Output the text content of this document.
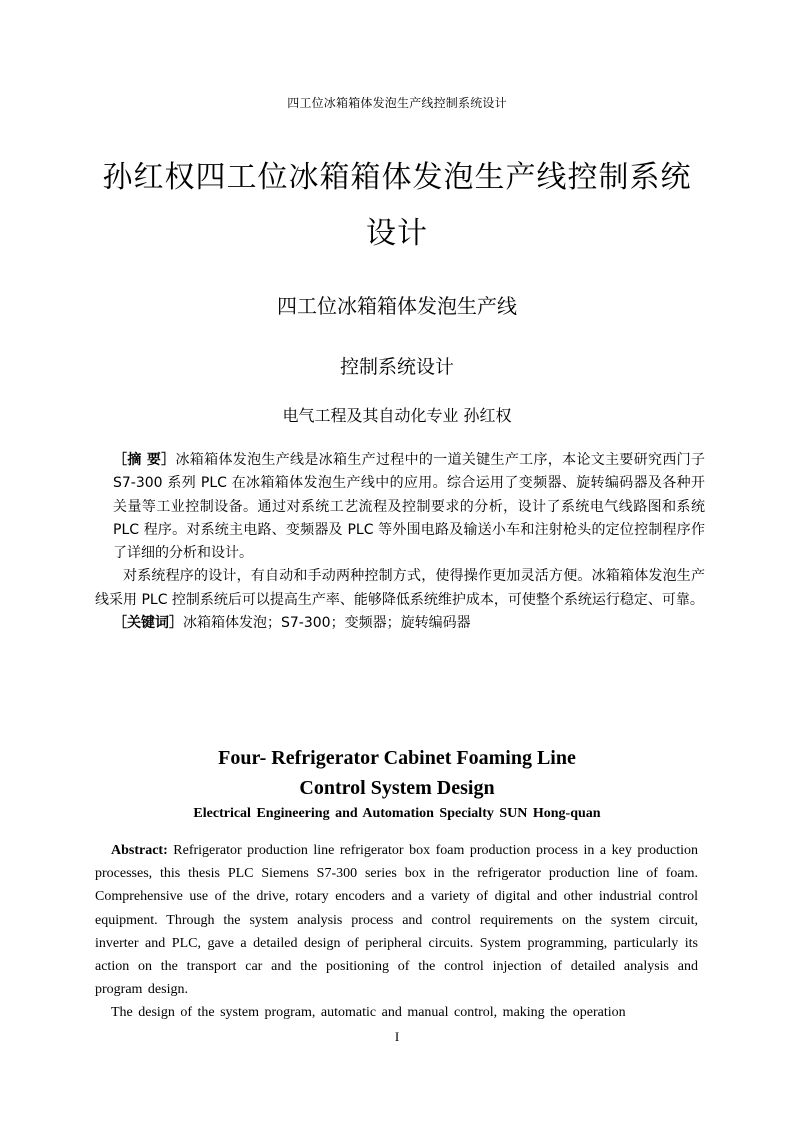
四工位冰箱箱体发泡生产线控制系统设计
孙红权四工位冰箱箱体发泡生产线控制系统设计
四工位冰箱箱体发泡生产线
控制系统设计
电气工程及其自动化专业 孙红权

［摘 要］冰箱箱体发泡生产线是冰箱生产过程中的一道关键生产工序，本论文主要研究西门子 S7-300 系列 PLC 在冰箱箱体发泡生产线中的应用。综合运用了变频器、旋转编码器及各种开关量等工业控制设备。通过对系统工艺流程及控制要求的分析，设计了系统电气线路图和系统 PLC 程序。对系统主电路、变频器及 PLC 等外围电路及输送小车和注射枪头的定位控制程序作了详细的分析和设计。

对系统程序的设计，有自动和手动两种控制方式，使得操作更加灵活方便。冰箱箱体发泡生产线采用 PLC 控制系统后可以提高生产率、能够降低系统维护成本，可使整个系统运行稳定、可靠。

［关键词］冰箱箱体发泡；S7-300；变频器；旋转编码器

Four- Refrigerator Cabinet Foaming Line
Control System Design
Electrical Engineering and Automation Specialty SUN Hong-quan

Abstract: Refrigerator production line refrigerator box foam production process in a key production processes, this thesis PLC Siemens S7-300 series box in the refrigerator production line of foam. Comprehensive use of the drive, rotary encoders and a variety of digital and other industrial control equipment. Through the system analysis process and control requirements on the system circuit, inverter and PLC, gave a detailed design of peripheral circuits. System programming, particularly its action on the transport car and the positioning of the control injection of detailed analysis and program design.

The design of the system program, automatic and manual control, making the operation

I
